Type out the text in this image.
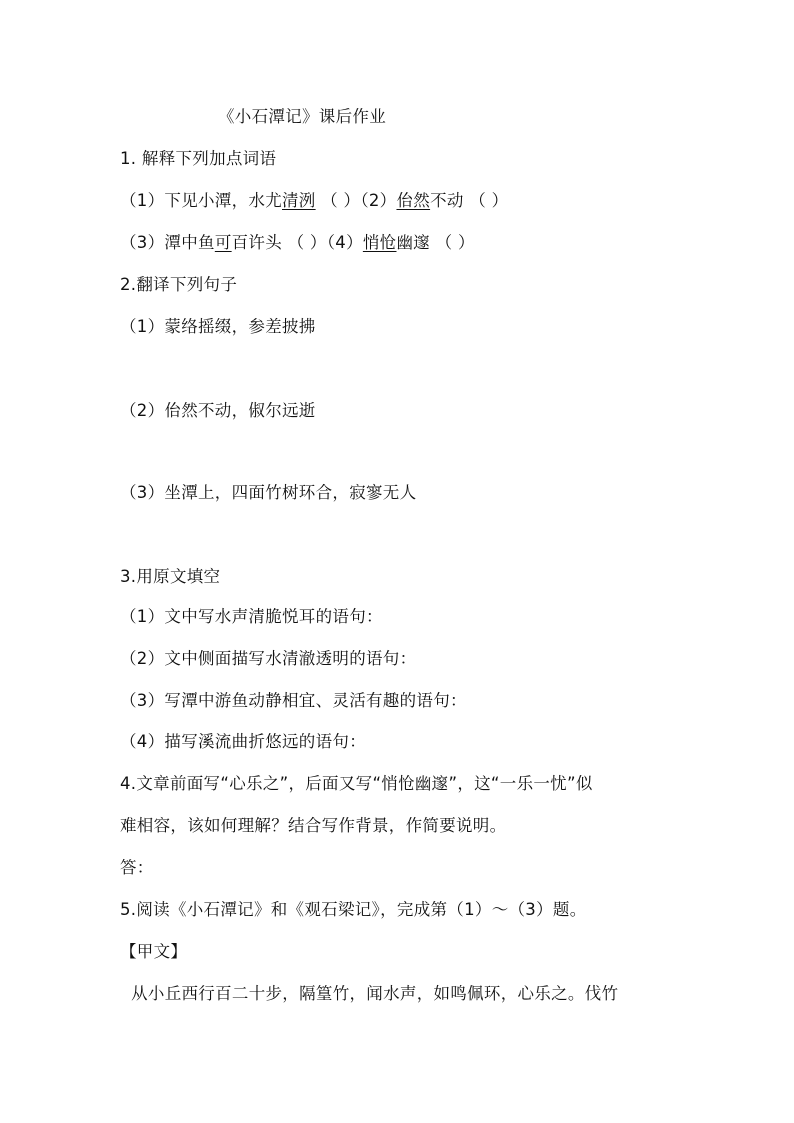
《小石潭记》课后作业
1. 解释下列加点词语
（1）下见小潭，水尤清洌 （ ）（2）佁然不动 （ ）
（3）潭中鱼可百许头 （ ）（4）悄怆幽邃 （ ）
2.翻译下列句子
（1）蒙络摇缀，参差披拂
（2）佁然不动，俶尔远逝
（3）坐潭上，四面竹树环合，寂寥无人
3.用原文填空
（1）文中写水声清脆悦耳的语句：
（2）文中侧面描写水清澈透明的语句：
（3）写潭中游鱼动静相宜、灵活有趣的语句：
（4）描写溪流曲折悠远的语句：
4.文章前面写“心乐之”，后面又写“悄怆幽邃”，这“一乐一忧”似
难相容，该如何理解？结合写作背景，作简要说明。
答：
5.阅读《小石潭记》和《观石梁记》，完成第（1）～（3）题。
【甲文】
从小丘西行百二十步，隔篁竹，闻水声，如鸣佩环，心乐之。伐竹
